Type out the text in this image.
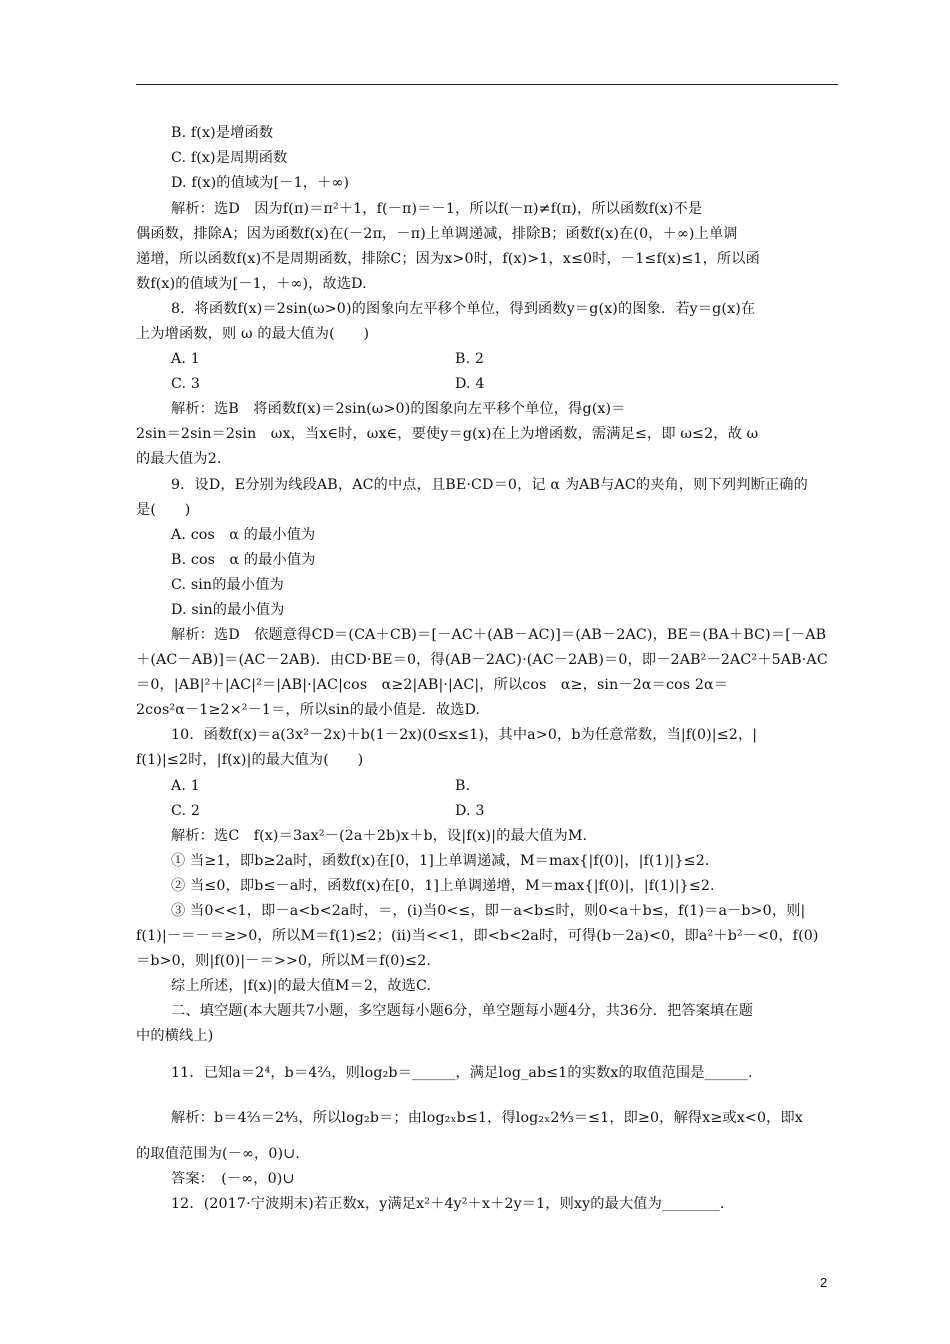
B. f(x)是增函数
C. f(x)是周期函数
D. f(x)的值域为[－1，＋∞)
解析：选D　因为f(π)＝π²＋1，f(－π)＝－1，所以f(－π)≠f(π)，所以函数f(x)不是
偶函数，排除A；因为函数f(x)在(－2π，－π)上单调递减，排除B；函数f(x)在(0，＋∞)上单调
递增，所以函数f(x)不是周期函数，排除C；因为x>0时，f(x)>1，x≤0时，－1≤f(x)≤1，所以函
数f(x)的值域为[－1，＋∞)，故选D.
8．将函数f(x)＝2sin(ω>0)的图象向左平移个单位，得到函数y＝g(x)的图象．若y＝g(x)在
上为增函数，则 ω 的最大值为(　　)
A. 1	B. 2
C. 3	D. 4
解析：选B　将函数f(x)＝2sin(ω>0)的图象向左平移个单位，得g(x)＝
2sin＝2sin＝2sin　ωx，当x∈时，ωx∈，要使y＝g(x)在上为增函数，需满足≤，即 ω≤2，故 ω
的最大值为2.
9．设D，E分别为线段AB，AC的中点，且BE·CD＝0，记 α 为AB与AC的夹角，则下列判断正确的
是(　　)
A. cos　α 的最小值为
B. cos　α 的最小值为
C. sin的最小值为
D. sin的最小值为
解析：选D　依题意得CD＝(CA＋CB)＝[－AC＋(AB－AC)]＝(AB－2AC)，BE＝(BA＋BC)＝[－AB
＋(AC－AB)]＝(AC－2AB)．由CD·BE＝0，得(AB－2AC)·(AC－2AB)＝0，即－2AB²－2AC²＋5AB·AC
＝0，|AB|²＋|AC|²＝|AB|·|AC|cos　α≥2|AB|·|AC|，所以cos　α≥，sin－2α＝cos 2α＝
2cos²α－1≥2×²－1＝，所以sin的最小值是．故选D.
10．函数f(x)＝a(3x²－2x)＋b(1－2x)(0≤x≤1)，其中a>0，b为任意常数，当|f(0)|≤2，|
f(1)|≤2时，|f(x)|的最大值为(　　)
A. 1	B.
C. 2	D. 3
解析：选C　f(x)＝3ax²－(2a＋2b)x＋b，设|f(x)|的最大值为M.
① 当≥1，即b≥2a时，函数f(x)在[0，1]上单调递减，M＝max{|f(0)|，|f(1)|}≤2.
② 当≤0，即b≤－a时，函数f(x)在[0，1]上单调递增，M＝max{|f(0)|，|f(1)|}≤2.
③ 当0<<1，即－a<b<2a时，＝，(ⅰ)当0<≤，即－a<b≤时，则0<a＋b≤，f(1)＝a－b>0，则|
f(1)|－＝－＝≥>0，所以M＝f(1)≤2；(ⅱ)当<<1，即<b<2a时，可得(b－2a)<0，即a²＋b²－<0，f(0)
＝b>0，则|f(0)|－＝>>0，所以M＝f(0)≤2.
综上所述，|f(x)|的最大值M＝2，故选C.
二、填空题(本大题共7小题，多空题每小题6分，单空题每小题4分，共36分．把答案填在题
中的横线上)
11．已知a＝2⁴，b＝4⅔，则log₂b＝______，满足log_ab≤1的实数x的取值范围是______.
解析：b＝4⅔＝2⁴⁄₃，所以log₂b＝；由log₂ₓb≤1，得log₂ₓ2⁴⁄₃＝≤1，即≥0，解得x≥或x<0，即x
的取值范围为(－∞，0)∪.
答案：　(－∞，0)∪
12．(2017·宁波期末)若正数x，y满足x²＋4y²＋x＋2y＝1，则xy的最大值为________.
2
